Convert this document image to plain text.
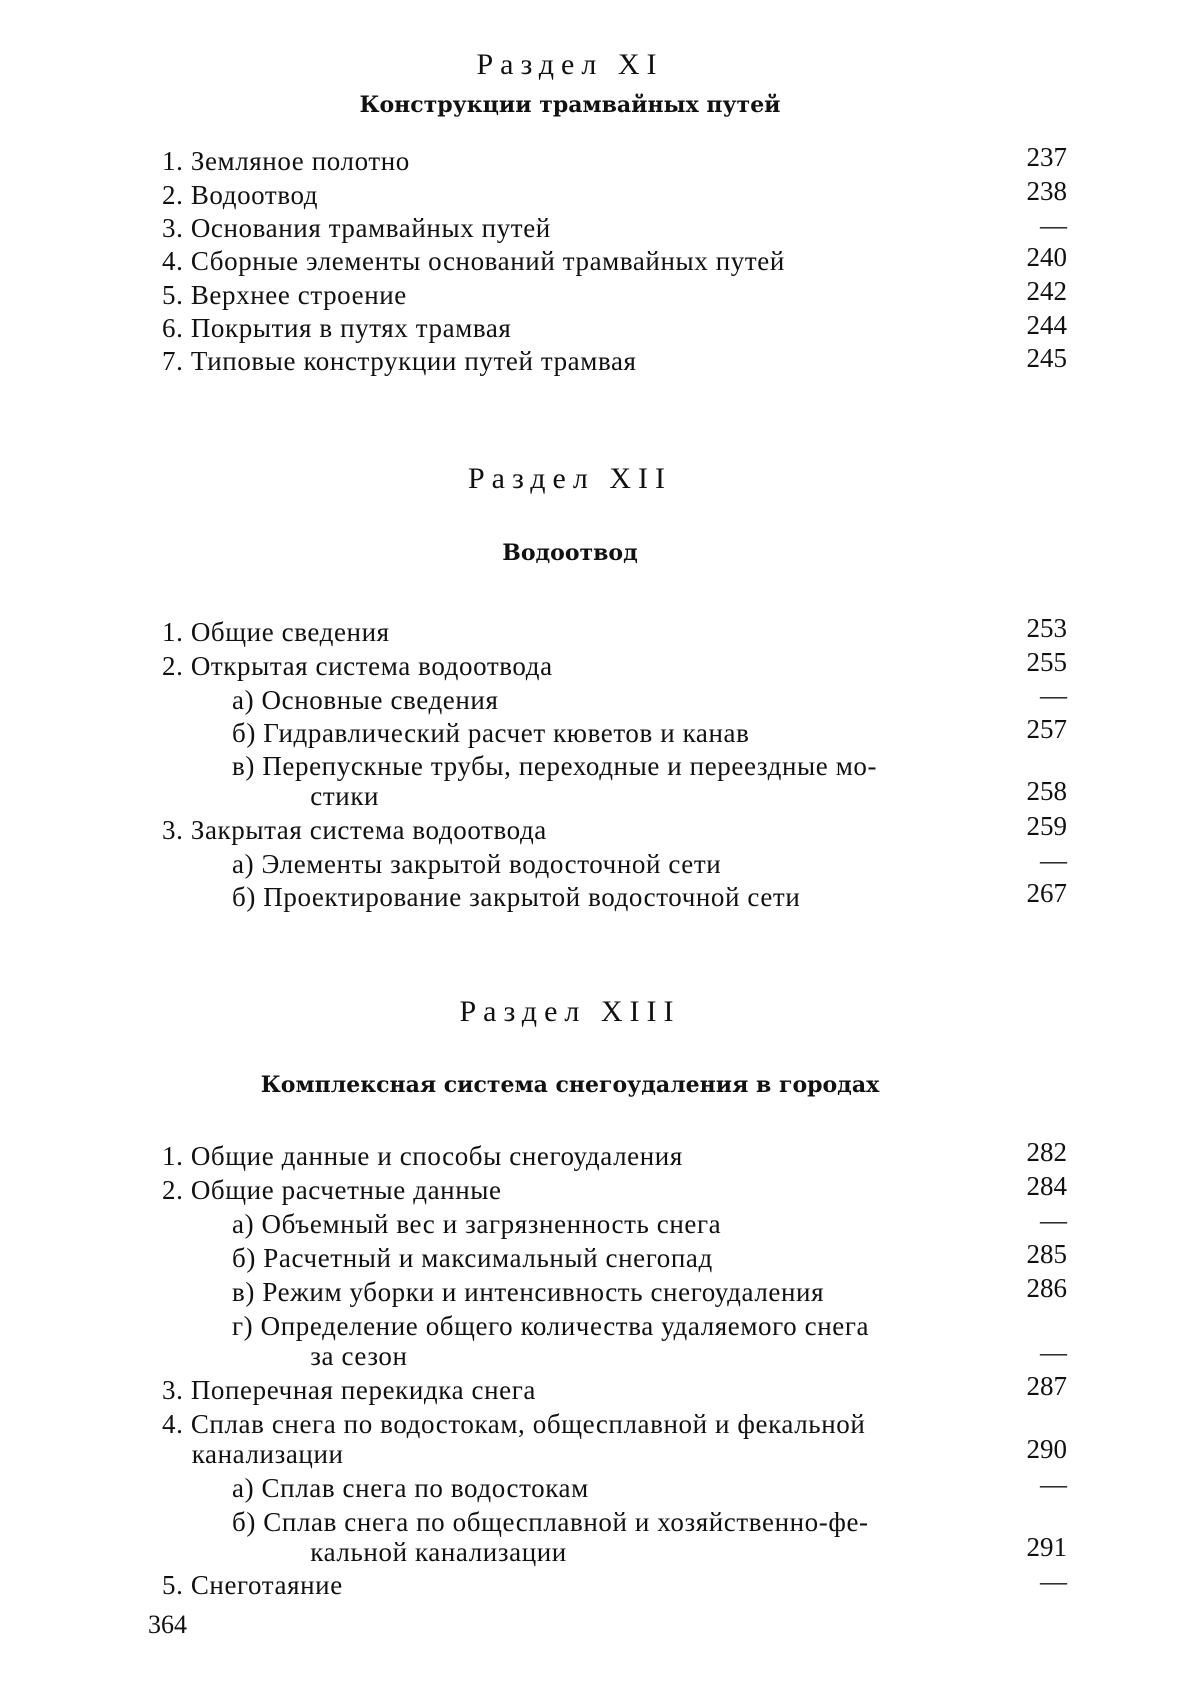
Раздел XI
Конструкции трамвайных путей
1. Земляное полотно	237
2. Водоотвод	238
3. Основания трамвайных путей	—
4. Сборные элементы оснований трамвайных путей	240
5. Верхнее строение	242
6. Покрытия в путях трамвая	244
7. Типовые конструкции путей трамвая	245
Раздел XII
Водоотвод
1. Общие сведения	253
2. Открытая система водоотвода	255
а) Основные сведения	—
б) Гидравлический расчет кюветов и канав	257
в) Перепускные трубы, переходные и переездные мо-
стики	258
3. Закрытая система водоотвода	259
а) Элементы закрытой водосточной сети	—
б) Проектирование закрытой водосточной сети	267
Раздел XIII
Комплексная система снегоудаления в городах
1. Общие данные и способы снегоудаления	282
2. Общие расчетные данные	284
а) Объемный вес и загрязненность снега	—
б) Расчетный и максимальный снегопад	285
в) Режим уборки и интенсивность снегоудаления	286
г) Определение общего количества удаляемого снега
за сезон	—
3. Поперечная перекидка снега	287
4. Сплав снега по водостокам, общесплавной и фекальной
канализации	290
а) Сплав снега по водостокам	—
б) Сплав снега по общесплавной и хозяйственно-фе-
кальной канализации	291
5. Снеготаяние	—
364
